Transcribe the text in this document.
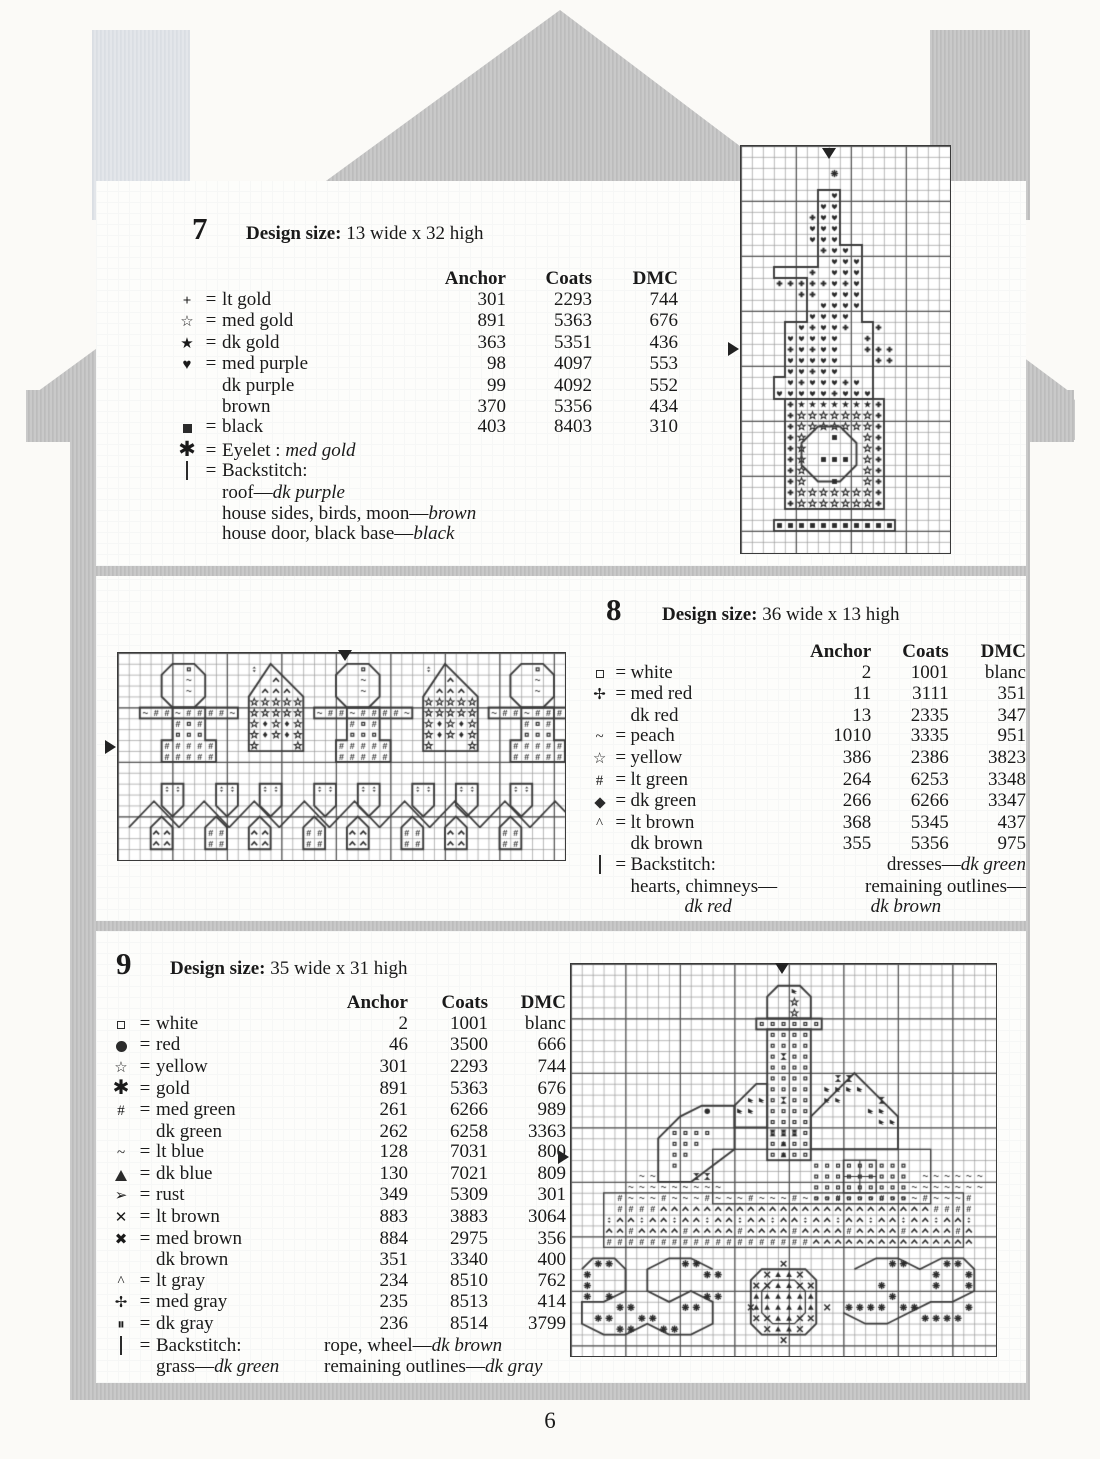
7 Design size: 13 wide x 32 high
			Anchor	Coats	DMC
+	=	lt gold	301	2293	744
☆	=	med gold	891	5363	676
★	=	dk gold	363	5351	436
♥	=	med purple	98	4097	553
		dk purple	99	4092	552
		brown	370	5356	434
	=	black	403	8403	310
✱	=	Eyelet : med gold			
	=	Backstitch:			
		roof—dk purple			
		house sides, birds, moon—brown			
		house door, black base—black			
8 Design size: 36 wide x 13 high
			Anchor	Coats	DMC
	=	white	2	1001	blanc
✢	=	med red	11	3111	351
		dk red	13	2335	347
~	=	peach	1010	3335	951
☆	=	yellow	386	2386	3823
#	=	lt green	264	6253	3348
	=	dk green	266	6266	3347
^	=	lt brown	368	5345	437
		dk brown	355	5356	975
	=	Backstitch:	dresses—dk green		
		hearts, chimneys—	remaining outlines—		
		dk red	dk brown		
9 Design size: 35 wide x 31 high
			Anchor	Coats	DMC
	=	white	2	1001	blanc
	=	red	46	3500	666
☆	=	yellow	301	2293	744
✱	=	gold	891	5363	676
#	=	med green	261	6266	989
		dk green	262	6258	3363
~	=	lt blue	128	7031	800
	=	dk blue	130	7021	809
➢	=	rust	349	5309	301
✕	=	lt brown	883	3883	3064
✖	=	med brown	884	2975	356
		dk brown	351	3340	400
^	=	lt gray	234	8510	762
✢	=	med gray	235	8513	414
⏸	=	dk gray	236	8514	3799
	=	Backstitch:	rope, wheel—dk brown		
		grass—dk green	remaining outlines—dk gray		
6
